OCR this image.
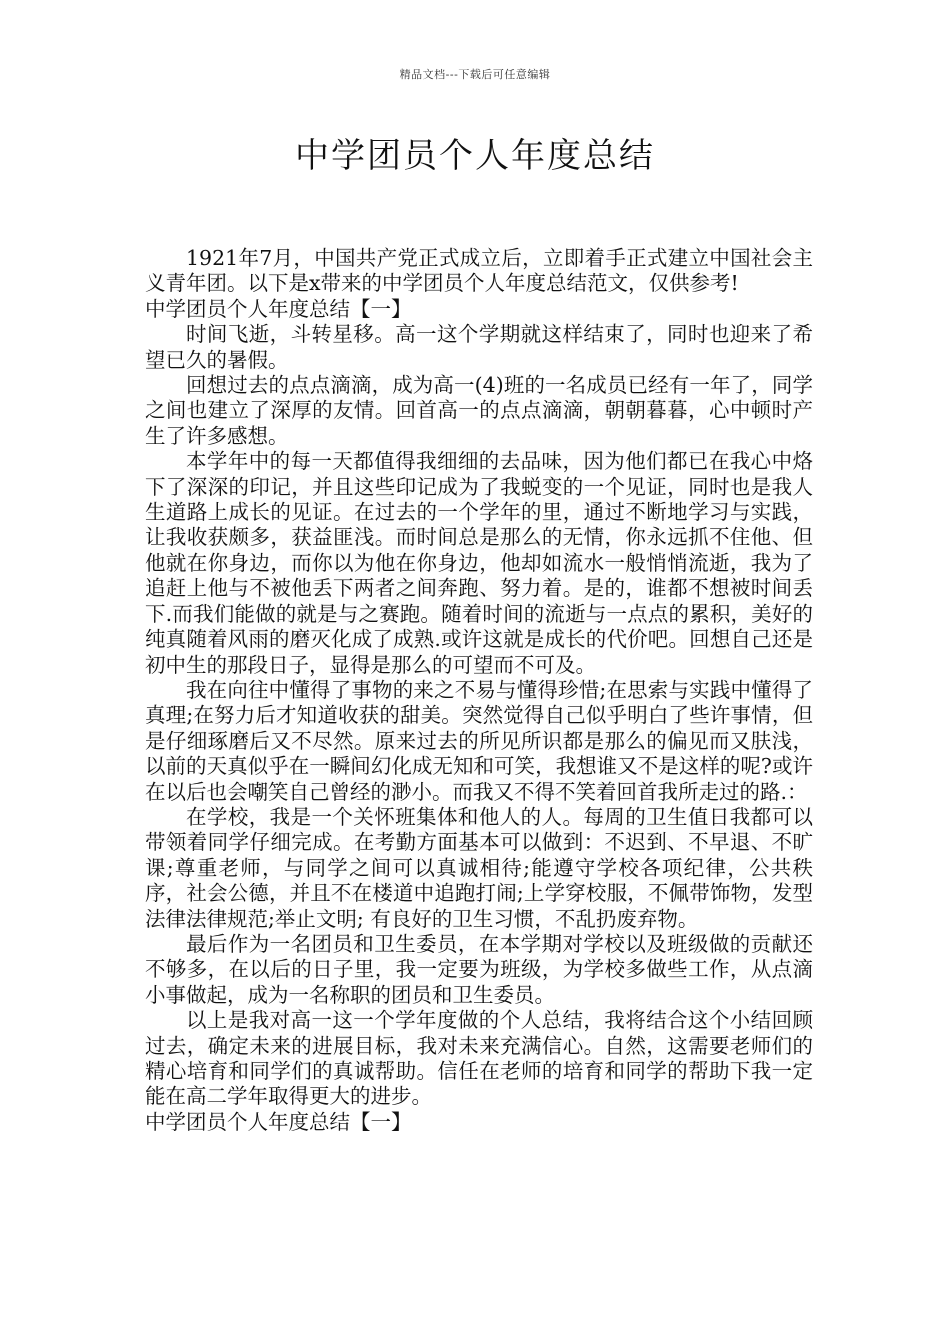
精品文档---下载后可任意编辑
中学团员个人年度总结

1921年7月，中国共产党正式成立后，立即着手正式建立中国社会主义青年团。以下是x带来的中学团员个人年度总结范文，仅供参考!

中学团员个人年度总结【一】

时间飞逝，斗转星移。高一这个学期就这样结束了，同时也迎来了希望已久的暑假。

回想过去的点点滴滴，成为高一(4)班的一名成员已经有一年了，同学之间也建立了深厚的友情。回首高一的点点滴滴，朝朝暮暮，心中顿时产生了许多感想。

本学年中的每一天都值得我细细的去品味，因为他们都已在我心中烙下了深深的印记，并且这些印记成为了我蜕变的一个见证，同时也是我人生道路上成长的见证。在过去的一个学年的里，通过不断地学习与实践，让我收获颇多，获益匪浅。而时间总是那么的无情，你永远抓不住他、但他就在你身边，而你以为他在你身边，他却如流水一般悄悄流逝，我为了追赶上他与不被他丢下两者之间奔跑、努力着。是的，谁都不想被时间丢下.而我们能做的就是与之赛跑。随着时间的流逝与一点点的累积，美好的纯真随着风雨的磨灭化成了成熟.或许这就是成长的代价吧。回想自己还是初中生的那段日子，显得是那么的可望而不可及。

我在向往中懂得了事物的来之不易与懂得珍惜;在思索与实践中懂得了真理;在努力后才知道收获的甜美。突然觉得自己似乎明白了些许事情，但是仔细琢磨后又不尽然。原来过去的所见所识都是那么的偏见而又肤浅，以前的天真似乎在一瞬间幻化成无知和可笑，我想谁又不是这样的呢?或许在以后也会嘲笑自己曾经的渺小。而我又不得不笑着回首我所走过的路.：

在学校，我是一个关怀班集体和他人的人。每周的卫生值日我都可以带领着同学仔细完成。在考勤方面基本可以做到：不迟到、不早退、不旷课;尊重老师，与同学之间可以真诚相待;能遵守学校各项纪律，公共秩序，社会公德，并且不在楼道中追跑打闹;上学穿校服，不佩带饰物，发型法律法律规范;举止文明; 有良好的卫生习惯，不乱扔废弃物。

最后作为一名团员和卫生委员，在本学期对学校以及班级做的贡献还不够多，在以后的日子里，我一定要为班级，为学校多做些工作，从点滴小事做起，成为一名称职的团员和卫生委员。

以上是我对高一这一个学年度做的个人总结，我将结合这个小结回顾过去，确定未来的进展目标，我对未来充满信心。自然，这需要老师们的精心培育和同学们的真诚帮助。信任在老师的培育和同学的帮助下我一定能在高二学年取得更大的进步。

中学团员个人年度总结【一】
